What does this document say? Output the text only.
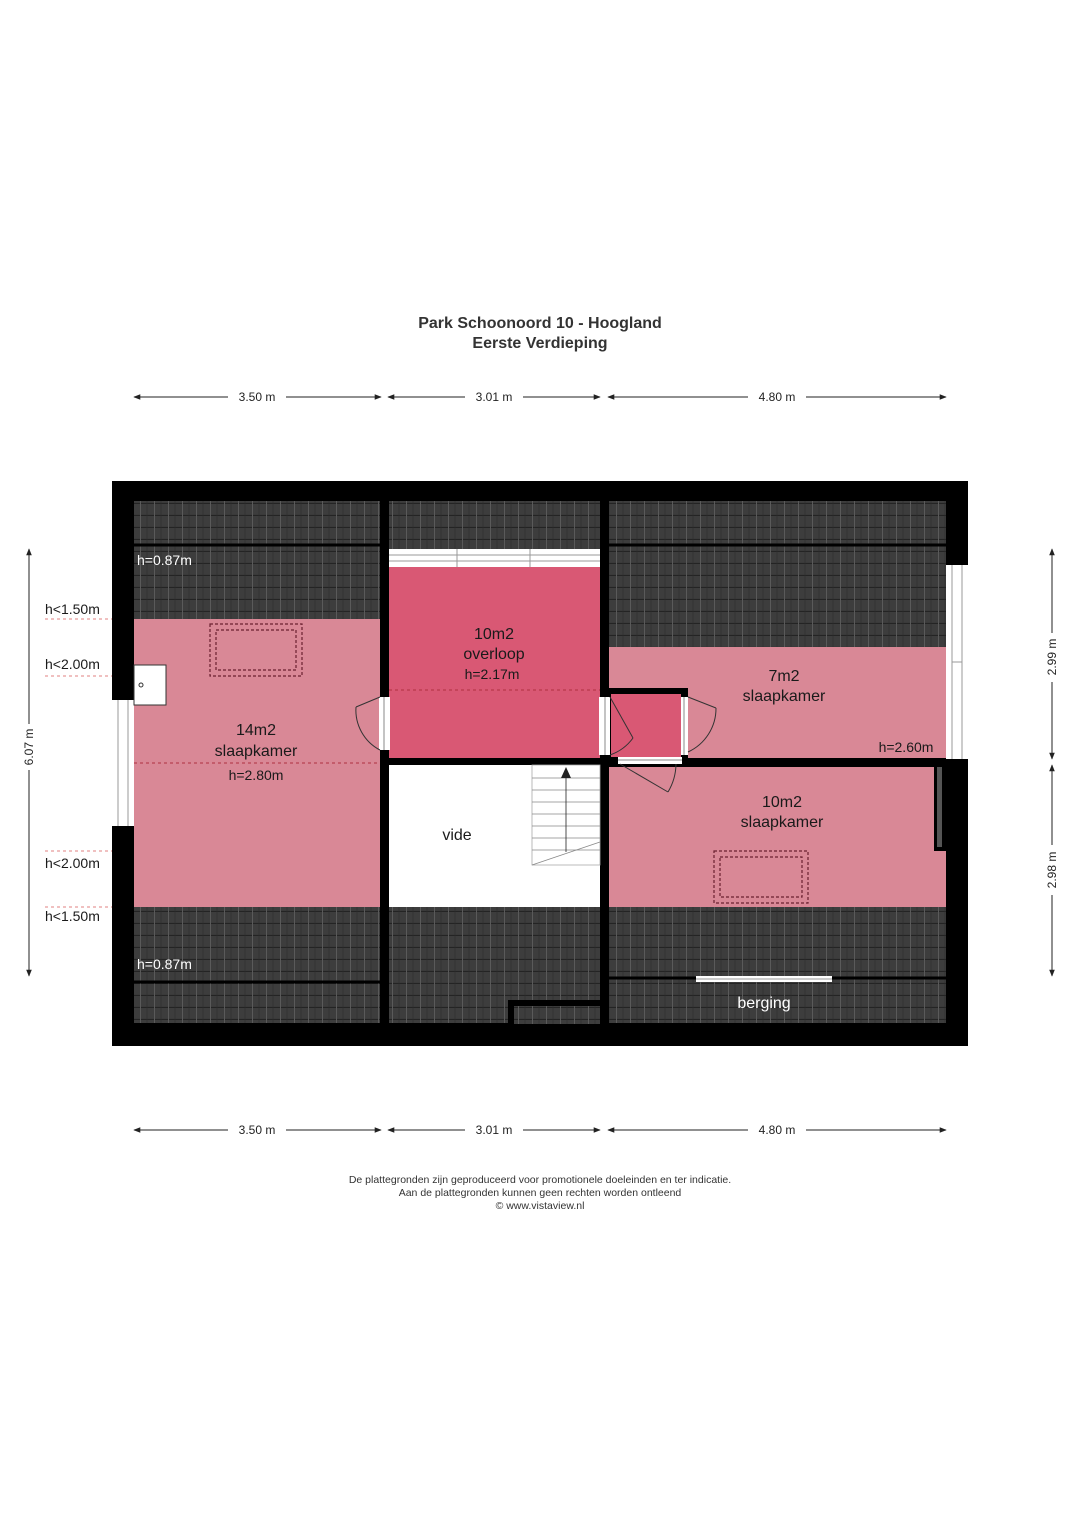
Park Schoonoord 10 - Hoogland
Eerste Verdieping
3.50 m	3.01 m	4.80 m
3.50 m	3.01 m	4.80 m
6.07 m
2.99 m
2.98 m
14m2
slaapkamer
h=2.80m
10m2
overloop
h=2.17m	7m2
slaapkamer
h=2.60m
10m2
slaapkamer
vide
berging
h=0.87m
h=0.87m
h<1.50m
h<2.00m
h<2.00m
h<1.50m
De plattegronden zijn geproduceerd voor promotionele doeleinden en ter indicatie.
Aan de plattegronden kunnen geen rechten worden ontleend
© www.vistaview.nl
